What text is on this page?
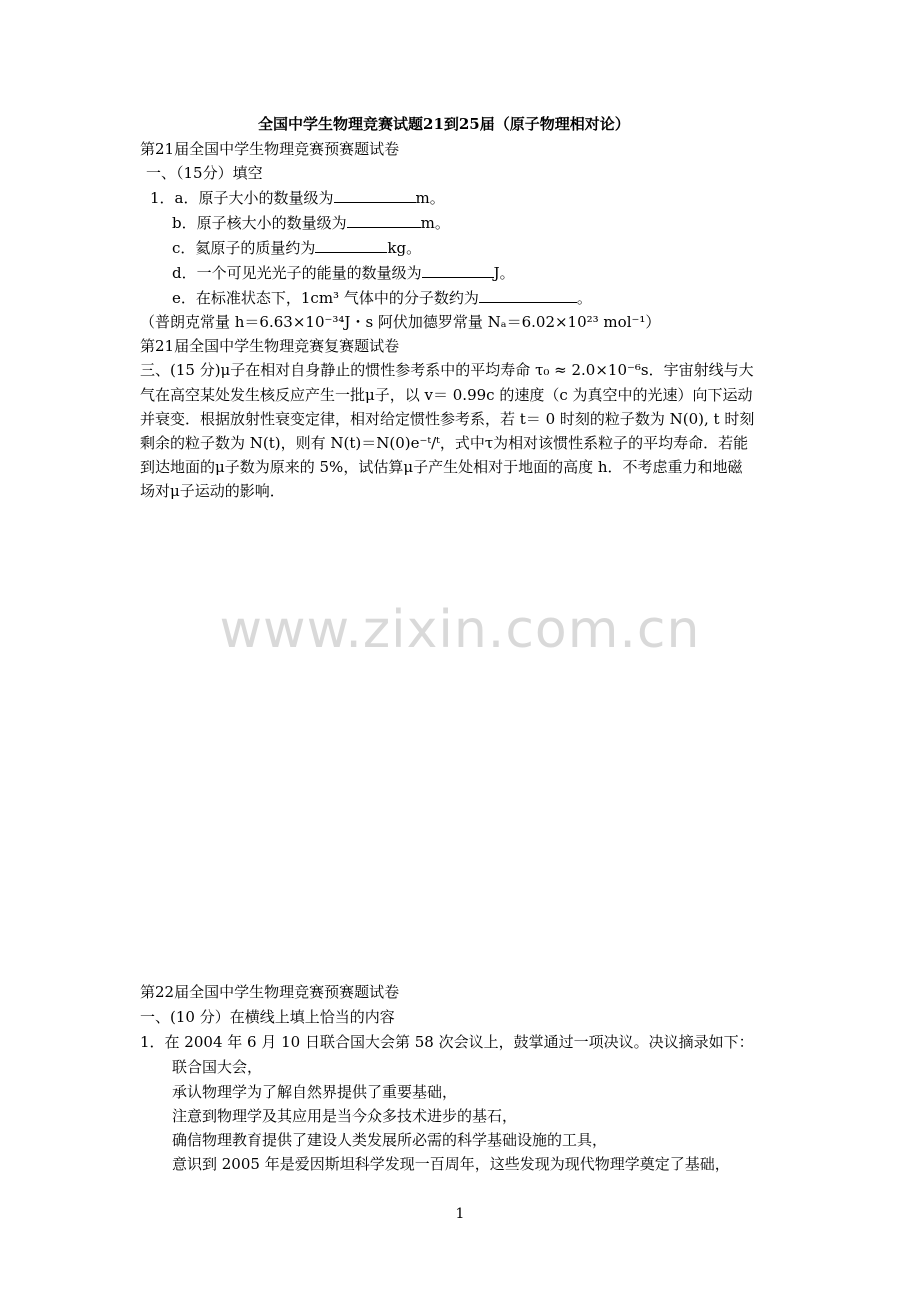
全国中学生物理竞赛试题21到25届（原子物理相对论）
第21届全国中学生物理竞赛预赛题试卷
一、（15分）填空
1．a．原子大小的数量级为	m。
b．原子核大小的数量级为	m。
c．氦原子的质量约为	kg。
d．一个可见光光子的能量的数量级为	J。
e．在标准状态下，1cm³ 气体中的分子数约为	。
（普朗克常量 h＝6.63×10⁻³⁴J・s 阿伏加德罗常量 Nₐ＝6.02×10²³ mol⁻¹）
第21届全国中学生物理竞赛复赛题试卷
三、(15 分)μ子在相对自身静止的惯性参考系中的平均寿命 τ₀ ≈ 2.0×10⁻⁶s．宇宙射线与大
气在高空某处发生核反应产生一批μ子，以 v＝ 0.99c 的速度（c 为真空中的光速）向下运动
并衰变．根据放射性衰变定律，相对给定惯性参考系，若 t＝ 0 时刻的粒子数为 N(0), t 时刻
剩余的粒子数为 N(t)，则有 N(t)＝N(0)e⁻ᵗ/ᵗ，式中τ为相对该惯性系粒子的平均寿命．若能
到达地面的μ子数为原来的 5%，试估算μ子产生处相对于地面的高度 h．不考虑重力和地磁
场对μ子运动的影响．
www.zixin.com.cn
第22届全国中学生物理竞赛预赛题试卷
一、(10 分）在横线上填上恰当的内容
1．在 2004 年 6 月 10 日联合国大会第 58 次会议上，鼓掌通过一项决议。决议摘录如下：
联合国大会，
承认物理学为了解自然界提供了重要基础，
注意到物理学及其应用是当今众多技术进步的基石，
确信物理教育提供了建设人类发展所必需的科学基础设施的工具，
意识到 2005 年是爱因斯坦科学发现一百周年，这些发现为现代物理学奠定了基础，
1
